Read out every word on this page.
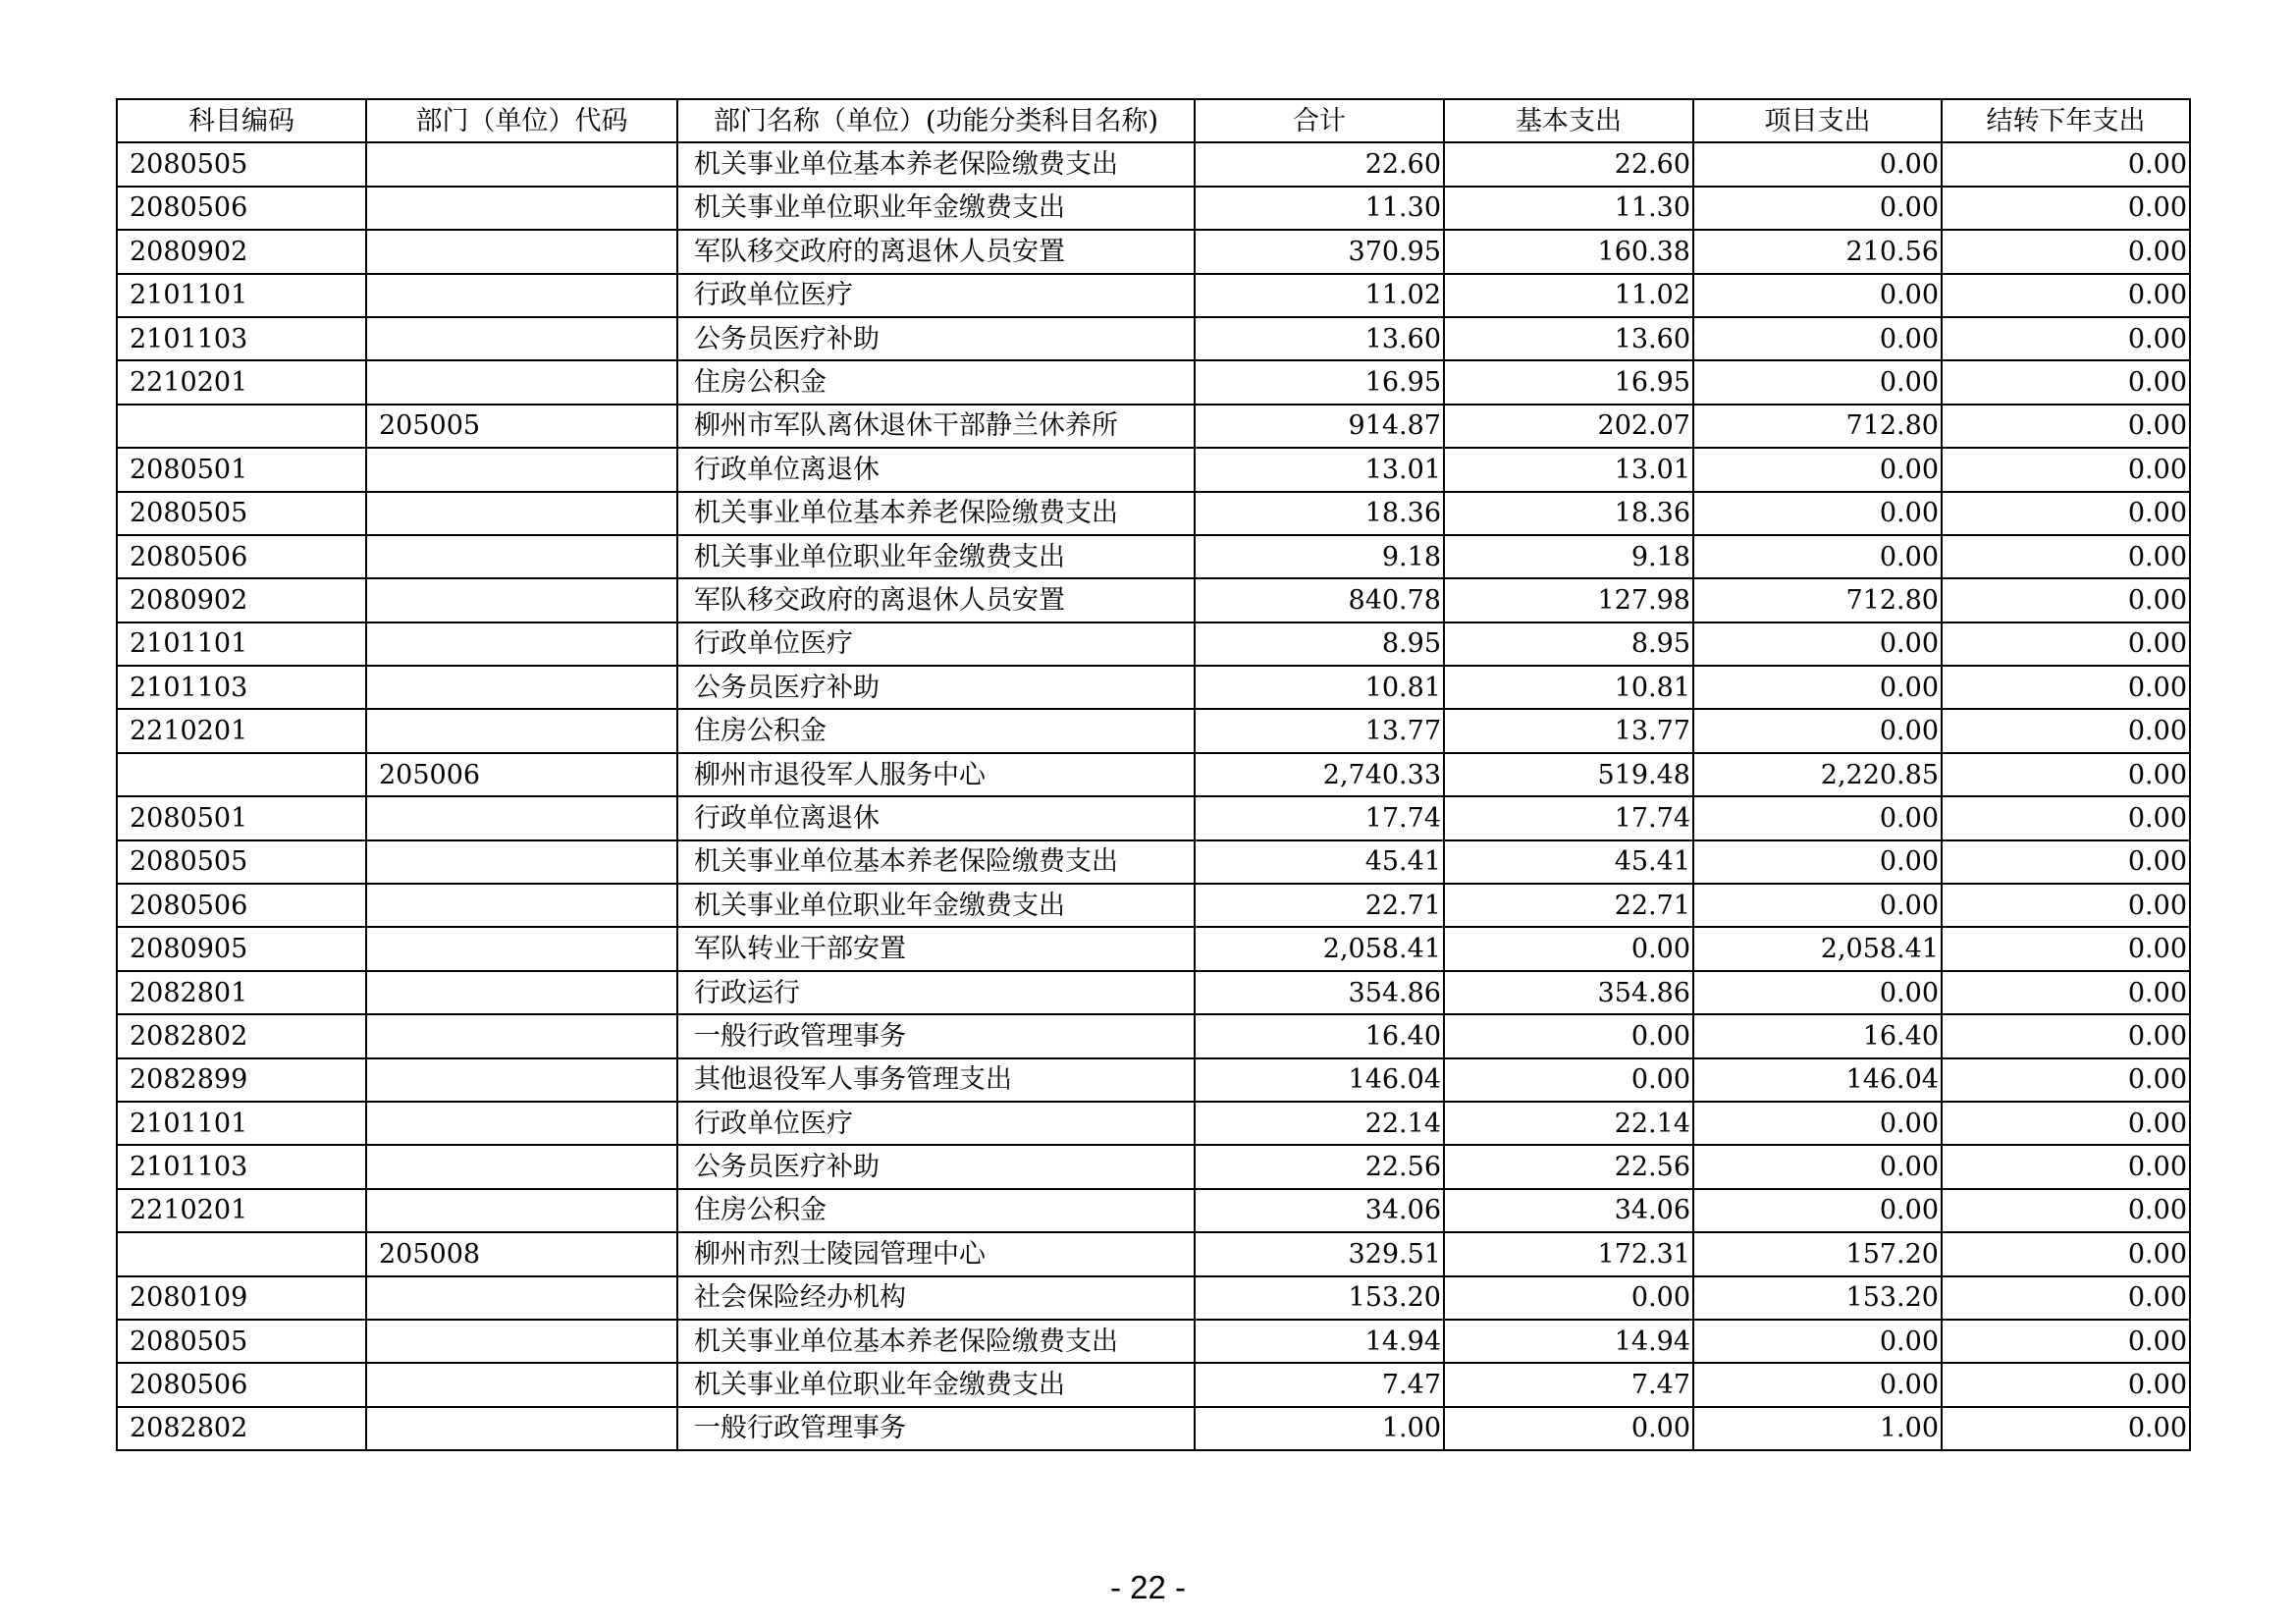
科目编码	部门（单位）代码	部门名称（单位）(功能分类科目名称)	合计	基本支出	项目支出	结转下年支出
2080505		机关事业单位基本养老保险缴费支出	22.60	22.60	0.00	0.00
2080506		机关事业单位职业年金缴费支出	11.30	11.30	0.00	0.00
2080902		军队移交政府的离退休人员安置	370.95	160.38	210.56	0.00
2101101		行政单位医疗	11.02	11.02	0.00	0.00
2101103		公务员医疗补助	13.60	13.60	0.00	0.00
2210201		住房公积金	16.95	16.95	0.00	0.00
	205005	柳州市军队离休退休干部静兰休养所	914.87	202.07	712.80	0.00
2080501		行政单位离退休	13.01	13.01	0.00	0.00
2080505		机关事业单位基本养老保险缴费支出	18.36	18.36	0.00	0.00
2080506		机关事业单位职业年金缴费支出	9.18	9.18	0.00	0.00
2080902		军队移交政府的离退休人员安置	840.78	127.98	712.80	0.00
2101101		行政单位医疗	8.95	8.95	0.00	0.00
2101103		公务员医疗补助	10.81	10.81	0.00	0.00
2210201		住房公积金	13.77	13.77	0.00	0.00
	205006	柳州市退役军人服务中心	2,740.33	519.48	2,220.85	0.00
2080501		行政单位离退休	17.74	17.74	0.00	0.00
2080505		机关事业单位基本养老保险缴费支出	45.41	45.41	0.00	0.00
2080506		机关事业单位职业年金缴费支出	22.71	22.71	0.00	0.00
2080905		军队转业干部安置	2,058.41	0.00	2,058.41	0.00
2082801		行政运行	354.86	354.86	0.00	0.00
2082802		一般行政管理事务	16.40	0.00	16.40	0.00
2082899		其他退役军人事务管理支出	146.04	0.00	146.04	0.00
2101101		行政单位医疗	22.14	22.14	0.00	0.00
2101103		公务员医疗补助	22.56	22.56	0.00	0.00
2210201		住房公积金	34.06	34.06	0.00	0.00
	205008	柳州市烈士陵园管理中心	329.51	172.31	157.20	0.00
2080109		社会保险经办机构	153.20	0.00	153.20	0.00
2080505		机关事业单位基本养老保险缴费支出	14.94	14.94	0.00	0.00
2080506		机关事业单位职业年金缴费支出	7.47	7.47	0.00	0.00
2082802		一般行政管理事务	1.00	0.00	1.00	0.00
- 22 -
